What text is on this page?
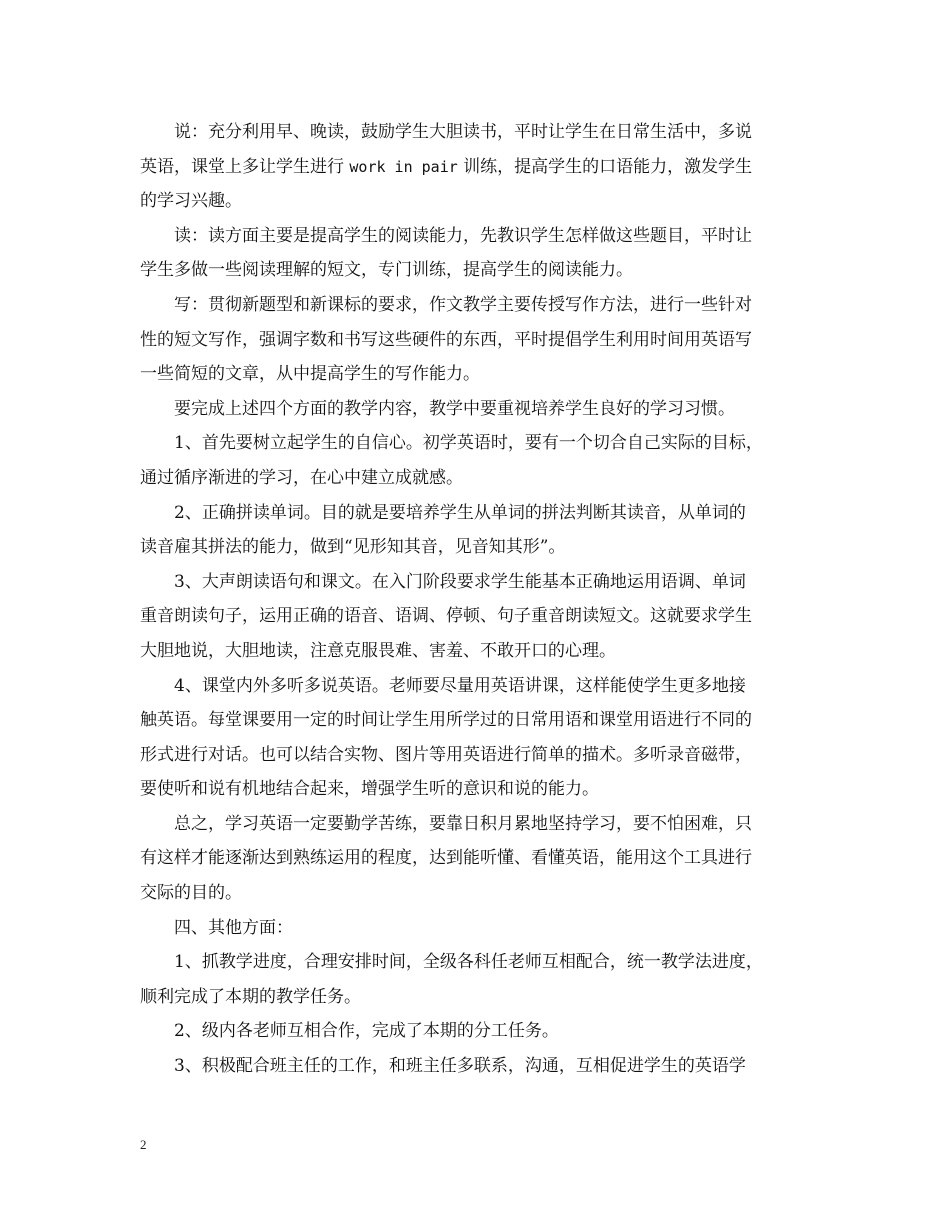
说：充分利用早、晚读，鼓励学生大胆读书，平时让学生在日常生活中，多说
英语，课堂上多让学生进行 work in pair 训练，提高学生的口语能力，激发学生
的学习兴趣。
读：读方面主要是提高学生的阅读能力，先教识学生怎样做这些题目，平时让
学生多做一些阅读理解的短文，专门训练，提高学生的阅读能力。
写：贯彻新题型和新课标的要求，作文教学主要传授写作方法，进行一些针对
性的短文写作，强调字数和书写这些硬件的东西，平时提倡学生利用时间用英语写
一些简短的文章，从中提高学生的写作能力。
要完成上述四个方面的教学内容，教学中要重视培养学生良好的学习习惯。
1、首先要树立起学生的自信心。初学英语时，要有一个切合自己实际的目标，
通过循序渐进的学习，在心中建立成就感。
2、正确拼读单词。目的就是要培养学生从单词的拼法判断其读音，从单词的
读音雇其拼法的能力，做到“见形知其音，见音知其形”。
3、大声朗读语句和课文。在入门阶段要求学生能基本正确地运用语调、单词
重音朗读句子，运用正确的语音、语调、停顿、句子重音朗读短文。这就要求学生
大胆地说，大胆地读，注意克服畏难、害羞、不敢开口的心理。
4、课堂内外多听多说英语。老师要尽量用英语讲课，这样能使学生更多地接
触英语。每堂课要用一定的时间让学生用所学过的日常用语和课堂用语进行不同的
形式进行对话。也可以结合实物、图片等用英语进行简单的描术。多听录音磁带，
要使听和说有机地结合起来，增强学生听的意识和说的能力。
总之，学习英语一定要勤学苦练，要靠日积月累地坚持学习，要不怕困难，只
有这样才能逐渐达到熟练运用的程度，达到能听懂、看懂英语，能用这个工具进行
交际的目的。
四、其他方面：
1、抓教学进度，合理安排时间，全级各科任老师互相配合，统一教学法进度，
顺利完成了本期的教学任务。
2、级内各老师互相合作，完成了本期的分工任务。
3、积极配合班主任的工作，和班主任多联系，沟通，互相促进学生的英语学
2
